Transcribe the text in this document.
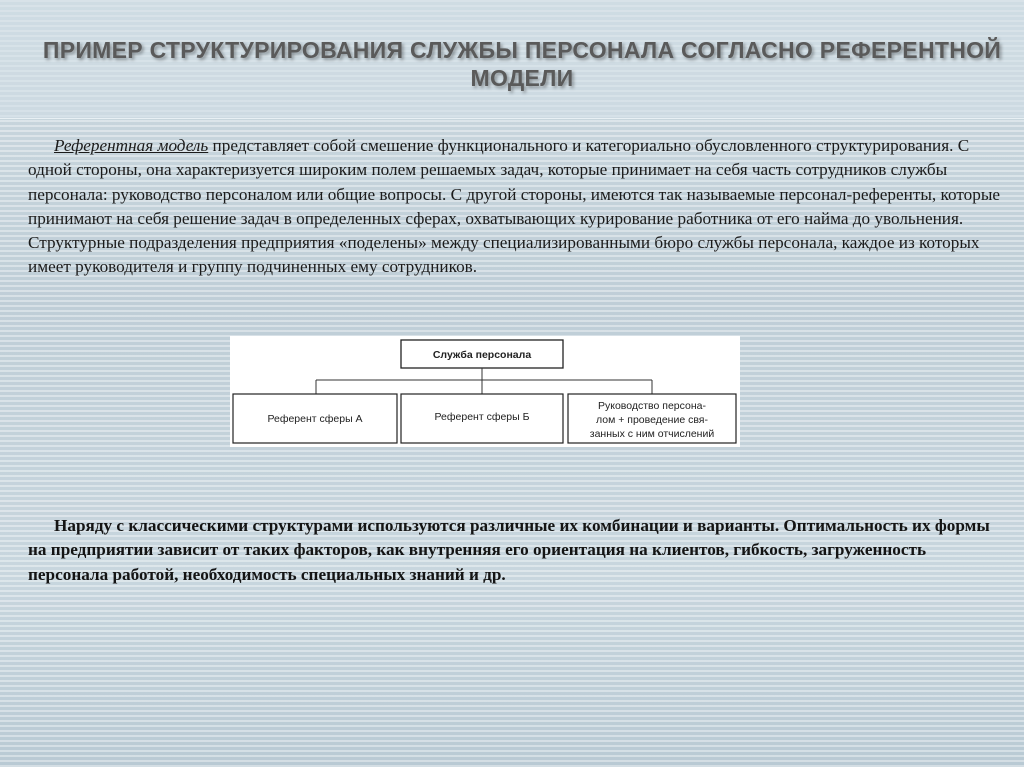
ПРИМЕР СТРУКТУРИРОВАНИЯ СЛУЖБЫ ПЕРСОНАЛА СОГЛАСНО РЕФЕРЕНТНОЙ
МОДЕЛИ
Референтная модель представляет собой смешение функционального и категориально обусловленного структурирования. С одной стороны, она характеризуется широким полем решаемых задач, которые принимает на себя часть сотрудников службы персонала: руководство персоналом или общие вопросы. С другой стороны, имеются так называемые персонал-референты, которые принимают на себя решение задач в определенных сферах, охватывающих курирование работника от его найма до увольнения. Структурные подразделения предприятия «поделены» между специализированными бюро службы персонала, каждое из которых имеет руководителя и группу подчиненных ему сотрудников.
Служба персонала
Референт сферы А	Референт сферы Б
Руководство персона-
лом + проведение свя-
занных с ним отчислений
Наряду с классическими структурами используются различные их комбинации и варианты. Оптимальность их формы на предприятии зависит от таких факторов, как внутренняя его ориентация на клиентов, гибкость, загруженность персонала работой, необходимость специальных знаний и др.
